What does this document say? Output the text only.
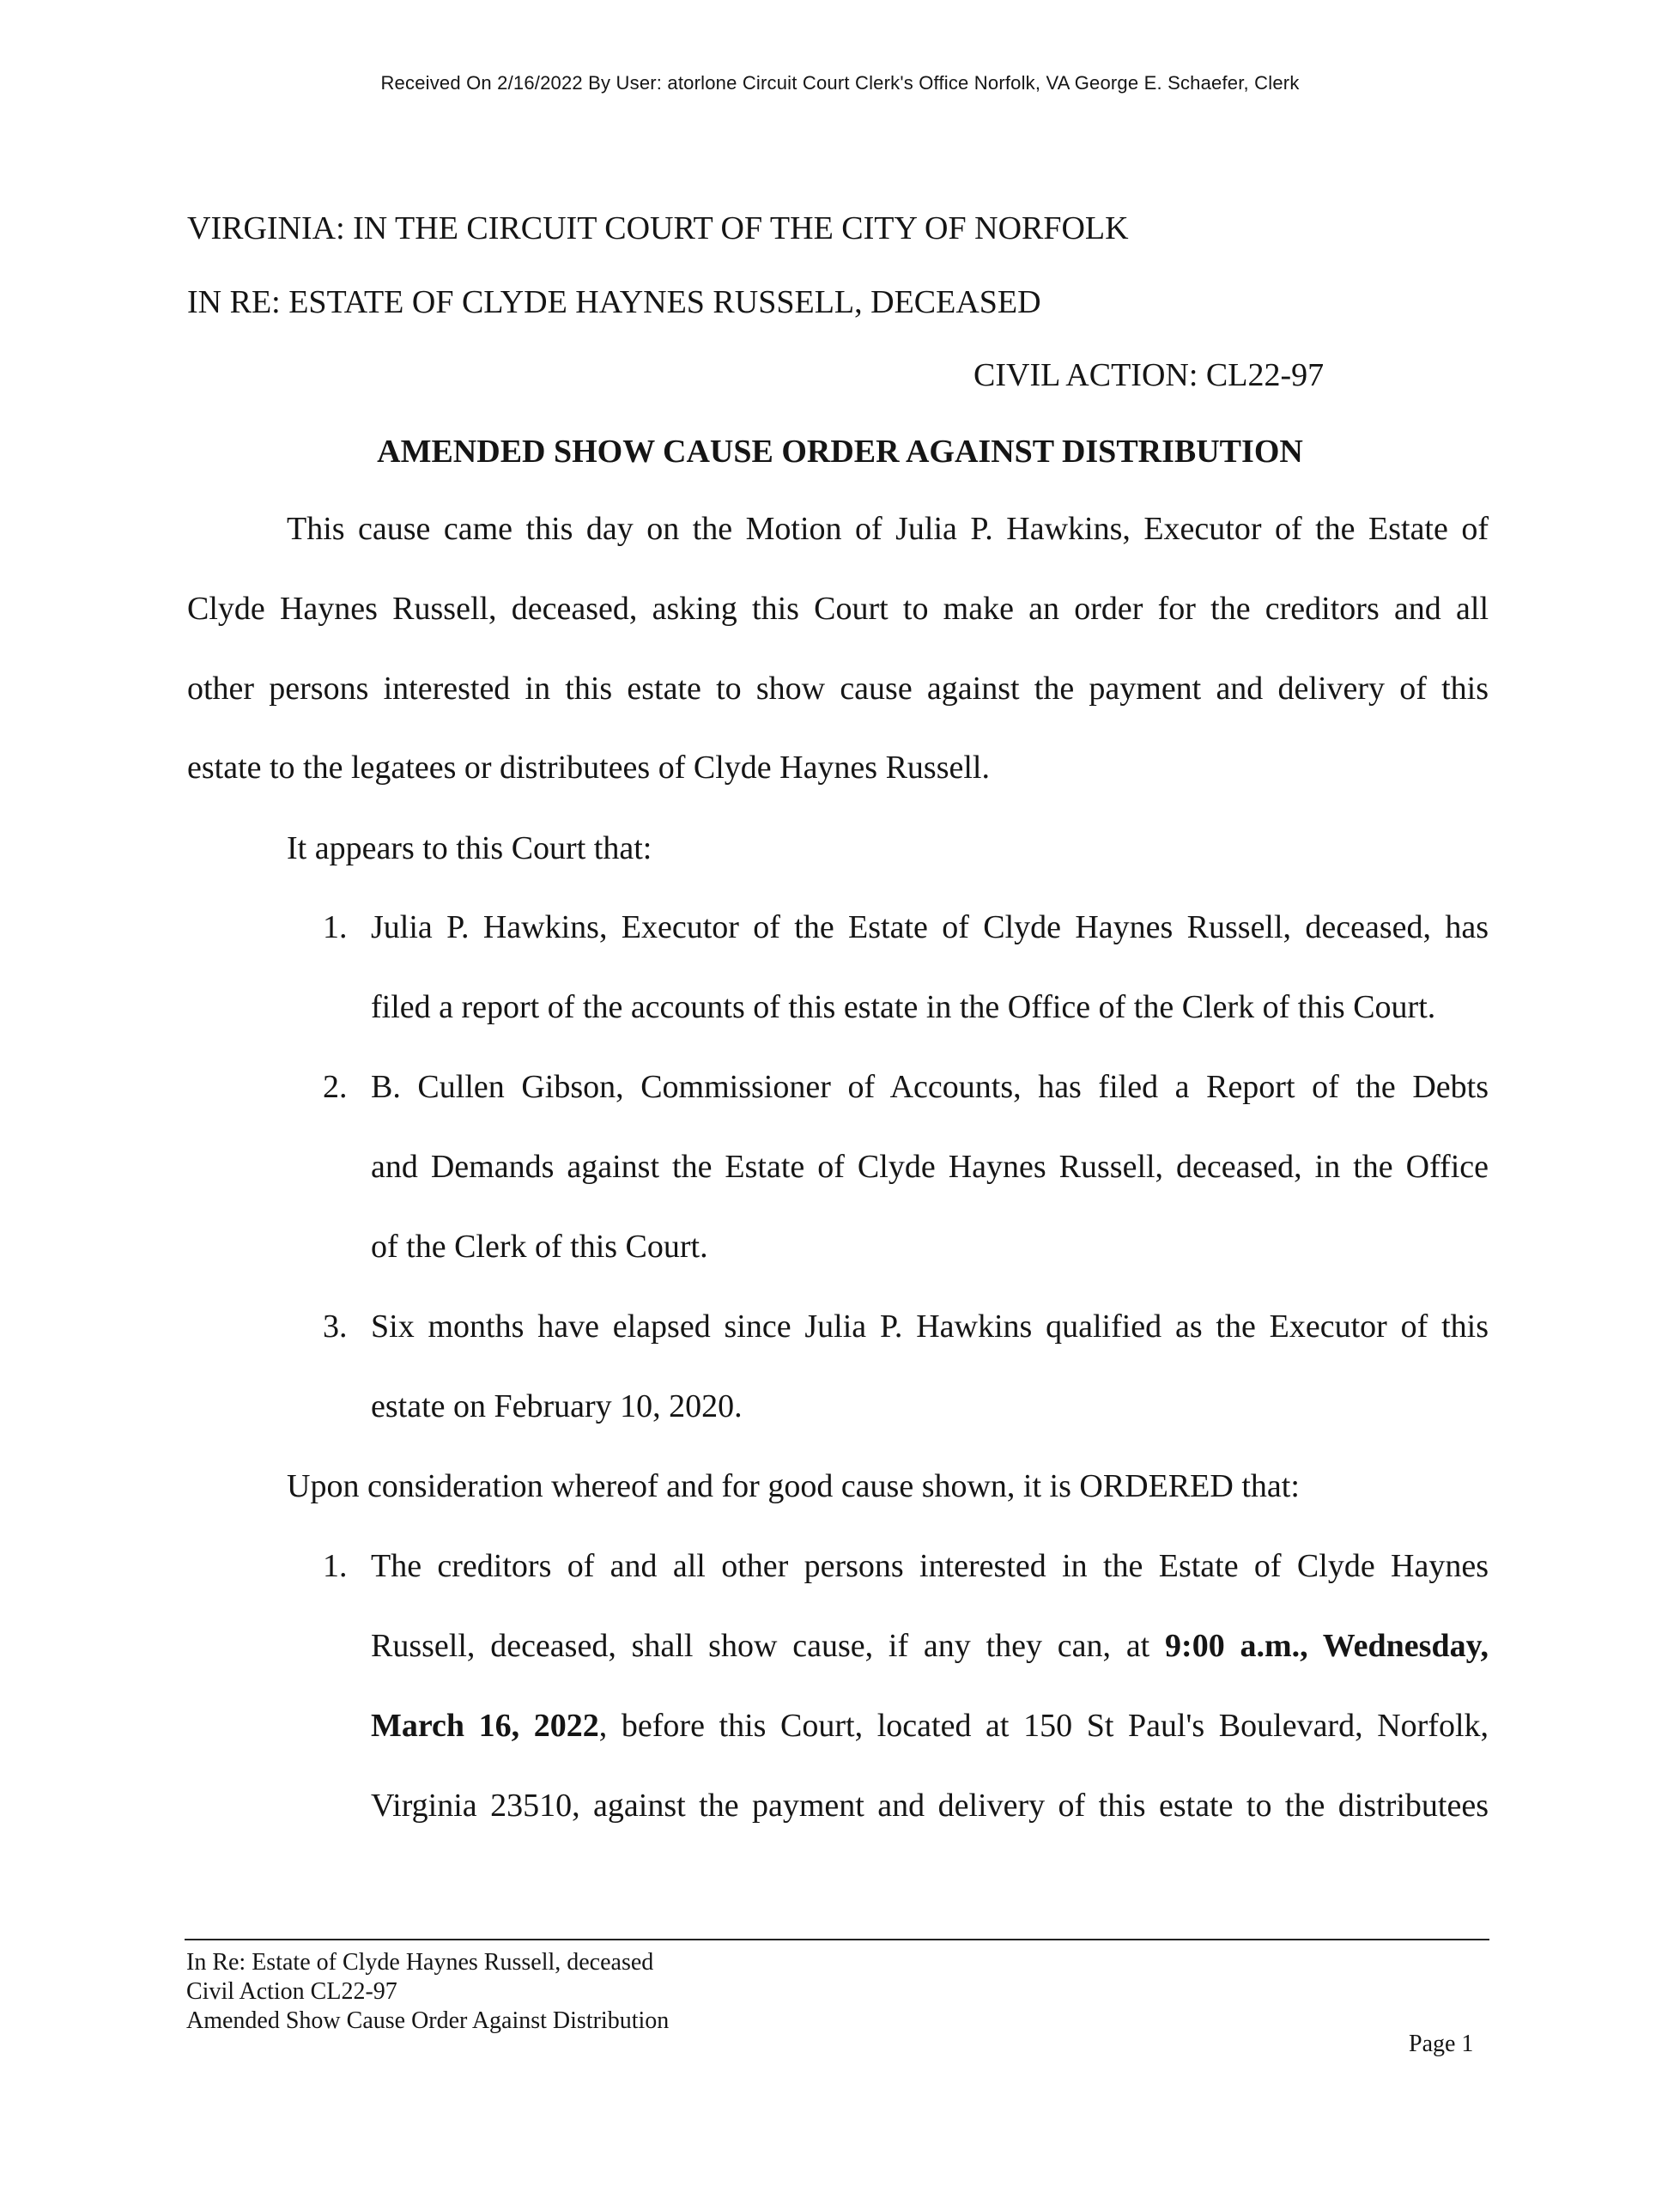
Received On 2/16/2022 By User: atorlone Circuit Court Clerk's Office Norfolk, VA George E. Schaefer, Clerk

VIRGINIA: IN THE CIRCUIT COURT OF THE CITY OF NORFOLK

IN RE: ESTATE OF CLYDE HAYNES RUSSELL, DECEASED

CIVIL ACTION: CL22-97

AMENDED SHOW CAUSE ORDER AGAINST DISTRIBUTION

This cause came this day on the Motion of Julia P. Hawkins, Executor of the Estate of

Clyde Haynes Russell, deceased, asking this Court to make an order for the creditors and all

other persons interested in this estate to show cause against the payment and delivery of this

estate to the legatees or distributees of Clyde Haynes Russell.

It appears to this Court that:

1. Julia P. Hawkins, Executor of the Estate of Clyde Haynes Russell, deceased, has

filed a report of the accounts of this estate in the Office of the Clerk of this Court.

2. B. Cullen Gibson, Commissioner of Accounts, has filed a Report of the Debts

and Demands against the Estate of Clyde Haynes Russell, deceased, in the Office

of the Clerk of this Court.

3. Six months have elapsed since Julia P. Hawkins qualified as the Executor of this

estate on February 10, 2020.

Upon consideration whereof and for good cause shown, it is ORDERED that:

1. The creditors of and all other persons interested in the Estate of Clyde Haynes

Russell, deceased, shall show cause, if any they can, at 9:00 a.m., Wednesday,

March 16, 2022, before this Court, located at 150 St Paul's Boulevard, Norfolk,

Virginia 23510, against the payment and delivery of this estate to the distributees

In Re: Estate of Clyde Haynes Russell, deceased
Civil Action CL22-97
Amended Show Cause Order Against Distribution
Page 1
